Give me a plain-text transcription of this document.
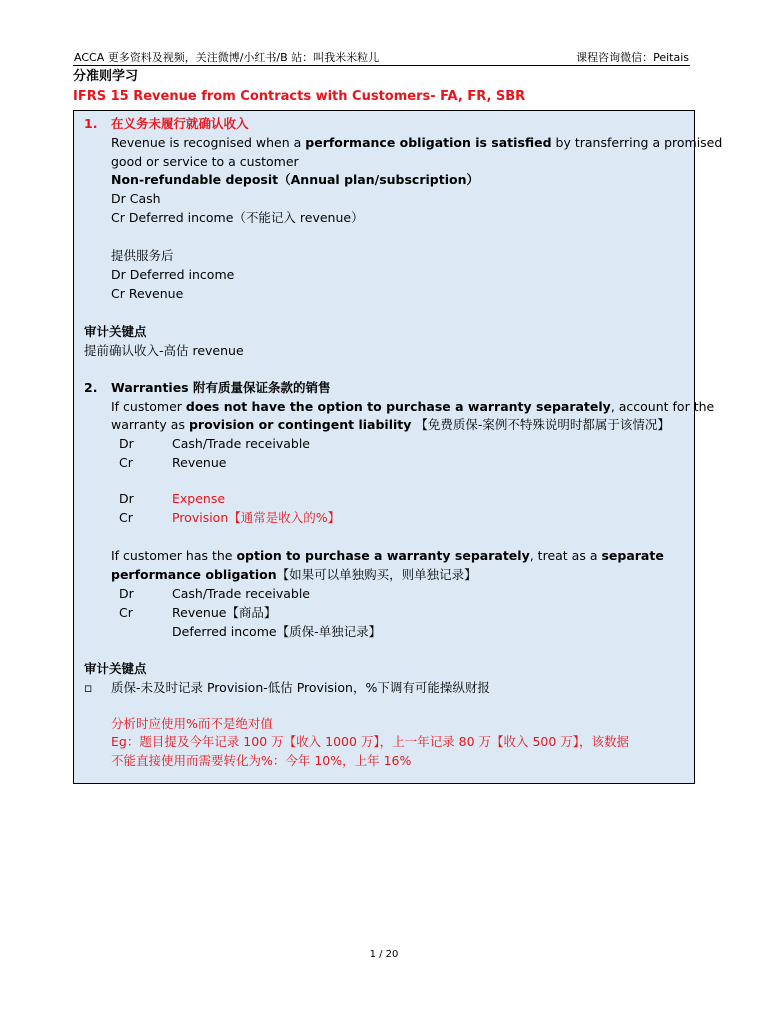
ACCA 更多资料及视频，关注微博/小红书/B 站：叫我米米粒儿	课程咨询微信：Peitais
分准则学习
IFRS 15 Revenue from Contracts with Customers- FA, FR, SBR
1. 在义务未履行就确认收入
Revenue is recognised when a performance obligation is satisfied by transferring a promised
good or service to a customer
Non-refundable deposit（Annual plan/subscription）
Dr Cash
Cr Deferred income（不能记入 revenue）
提供服务后
Dr Deferred income
Cr Revenue
审计关键点
提前确认收入-高估 revenue
2. Warranties 附有质量保证条款的销售
If customer does not have the option to purchase a warranty separately, account for the
warranty as provision or contingent liability 【免费质保-案例不特殊说明时都属于该情况】
Dr	Cash/Trade receivable
Cr	Revenue
Dr	Expense
Cr	Provision【通常是收入的%】
If customer has the option to purchase a warranty separately, treat as a separate
performance obligation【如果可以单独购买，则单独记录】
Dr	Cash/Trade receivable
Cr	Revenue【商品】
Deferred income【质保-单独记录】
审计关键点
▫ 质保-未及时记录 Provision-低估 Provision，%下调有可能操纵财报
分析时应使用%而不是绝对值
Eg：题目提及今年记录 100 万【收入 1000 万】，上一年记录 80 万【收入 500 万】，该数据
不能直接使用而需要转化为%：今年 10%，上年 16%
1 / 20
